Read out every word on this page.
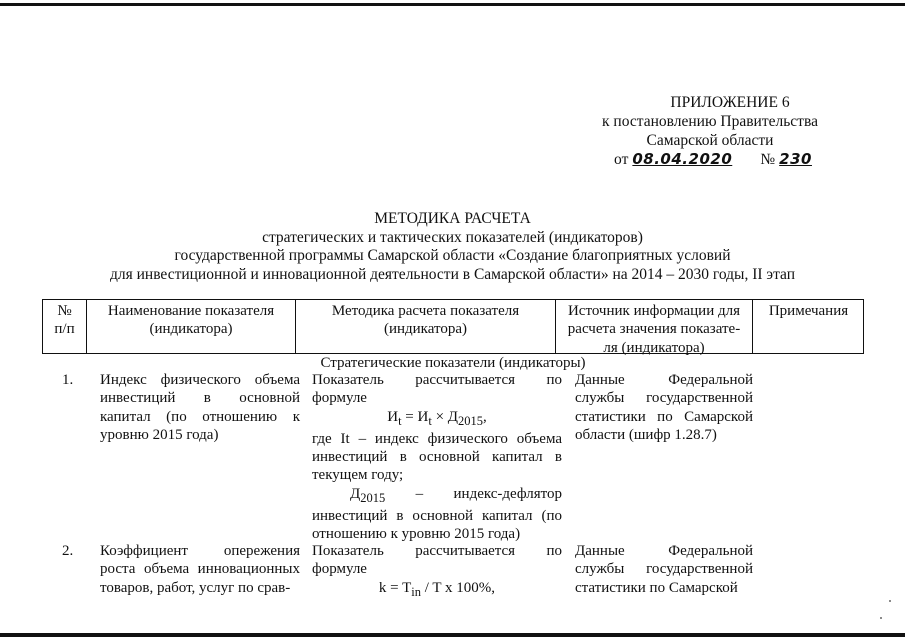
ПРИЛОЖЕНИЕ 6
к постановлению Правительства
Самарской области
от 08.04.2020	№ 230
МЕТОДИКА РАСЧЕТА
стратегических и тактических показателей (индикаторов)
государственной программы Самарской области «Создание благоприятных условий
для инвестиционной и инновационной деятельности в Самарской области» на 2014 – 2030 годы, II этап
№
п/п
Наименование показателя
(индикатора)
Методика расчета показателя
(индикатора)
Источник информации для
расчета значения показате-
ля (индикатора)
Примечания
Стратегические показатели (индикаторы)
1. Индекс физического объема инвестиций в основной капитал (по отношению к уровню 2015 года)
Показатель рассчитывается по формуле
$И_t = И_t \times Д_{2015}$,
где It – индекс физического объема инвестиций в основной капитал в текущем году;
$Д_{2015}$ – индекс-дефлятор инвестиций в основной капитал (по отношению к уровню 2015 года)
Данные Федеральной
службы государственной статистики по Самарской области (шифр 1.28.7)
2. Коэффициент опережения роста объема инновационных товаров, работ, услуг по срав-
Показатель рассчитывается по формуле
$k = T_{in} / T$ x 100%,
Данные Федеральной
службы государственной статистики по Самарской
